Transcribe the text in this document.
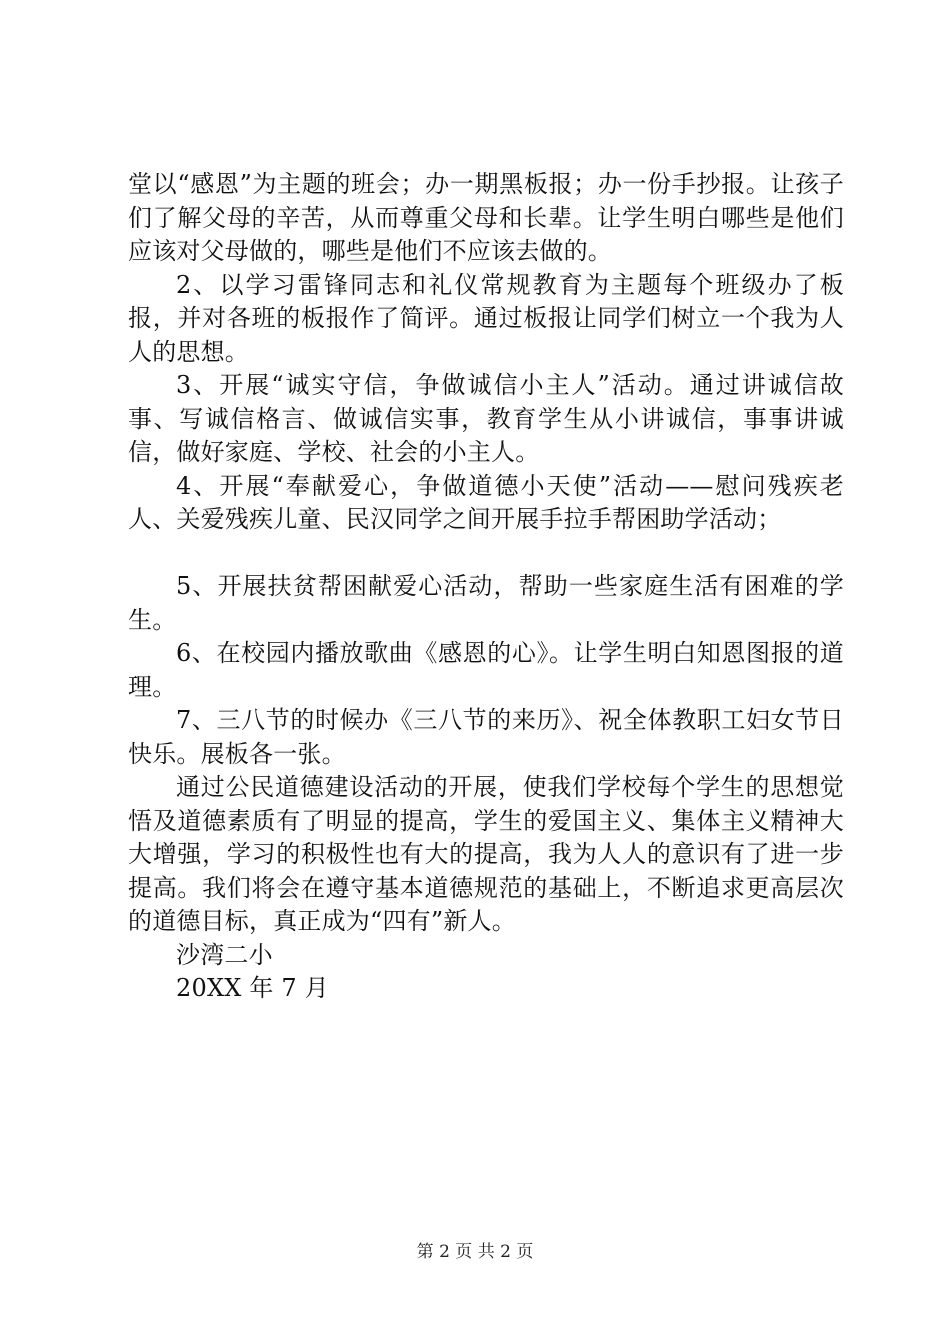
堂以“感恩”为主题的班会；办一期黑板报；办一份手抄报。让孩子们了解父母的辛苦，从而尊重父母和长辈。让学生明白哪些是他们应该对父母做的，哪些是他们不应该去做的。

2、以学习雷锋同志和礼仪常规教育为主题每个班级办了板报，并对各班的板报作了简评。通过板报让同学们树立一个我为人人的思想。

3、开展“诚实守信，争做诚信小主人”活动。通过讲诚信故事、写诚信格言、做诚信实事，教育学生从小讲诚信，事事讲诚信，做好家庭、学校、社会的小主人。

4、开展“奉献爱心，争做道德小天使”活动——慰问残疾老人、关爱残疾儿童、民汉同学之间开展手拉手帮困助学活动；

5、开展扶贫帮困献爱心活动，帮助一些家庭生活有困难的学生。

6、在校园内播放歌曲《感恩的心》。让学生明白知恩图报的道理。

7、三八节的时候办《三八节的来历》、祝全体教职工妇女节日快乐。展板各一张。

通过公民道德建设活动的开展，使我们学校每个学生的思想觉悟及道德素质有了明显的提高，学生的爱国主义、集体主义精神大大增强，学习的积极性也有大的提高，我为人人的意识有了进一步提高。我们将会在遵守基本道德规范的基础上，不断追求更高层次的道德目标，真正成为“四有”新人。

沙湾二小

20XX 年 7 月

第 2 页 共 2 页
